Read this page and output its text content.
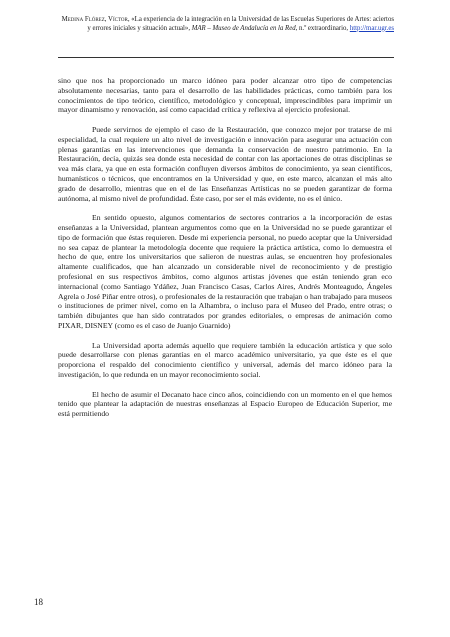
Medina Flórez, Víctor, «La experiencia de la integración en la Universidad de las Escuelas Superiores de Artes: aciertos y errores iniciales y situación actual», MAR – Museo de Andalucía en la Red, n.º extraordinario, http://mar.ugr.es

sino que nos ha proporcionado un marco idóneo para poder alcanzar otro tipo de competencias absolutamente necesarias, tanto para el desarrollo de las habilidades prácticas, como también para los conocimientos de tipo teórico, científico, metodológico y conceptual, imprescindibles para imprimir un mayor dinamismo y renovación, así como capacidad crítica y reflexiva al ejercicio profesional.

Puede servirnos de ejemplo el caso de la Restauración, que conozco mejor por tratarse de mi especialidad, la cual requiere un alto nivel de investigación e innovación para asegurar una actuación con plenas garantías en las intervenciones que demanda la conservación de nuestro patrimonio. En la Restauración, decía, quizás sea donde esta necesidad de contar con las aportaciones de otras disciplinas se vea más clara, ya que en esta formación confluyen diversos ámbitos de conocimiento, ya sean científicos, humanísticos o técnicos, que encontramos en la Universidad y que, en este marco, alcanzan el más alto grado de desarrollo, mientras que en el de las Enseñanzas Artísticas no se pueden garantizar de forma autónoma, al mismo nivel de profundidad. Éste caso, por ser el más evidente, no es el único.

En sentido opuesto, algunos comentarios de sectores contrarios a la incorporación de estas enseñanzas a la Universidad, plantean argumentos como que en la Universidad no se puede garantizar el tipo de formación que éstas requieren. Desde mi experiencia personal, no puedo aceptar que la Universidad no sea capaz de plantear la metodología docente que requiere la práctica artística, como lo demuestra el hecho de que, entre los universitarios que salieron de nuestras aulas, se encuentren hoy profesionales altamente cualificados, que han alcanzado un considerable nivel de reconocimiento y de prestigio profesional en sus respectivos ámbitos, como algunos artistas jóvenes que están teniendo gran eco internacional (como Santiago Ydáñez, Juan Francisco Casas, Carlos Aires, Andrés Monteagudo, Ángeles Agrela o José Piñar entre otros), o profesionales de la restauración que trabajan o han trabajado para museos o instituciones de primer nivel, como en la Alhambra, o incluso para el Museo del Prado, entre otras; o también dibujantes que han sido contratados por grandes editoriales, o empresas de animación como PIXAR, DISNEY (como es el caso de Juanjo Guarnido)

La Universidad aporta además aquello que requiere también la educación artística y que solo puede desarrollarse con plenas garantías en el marco académico universitario, ya que éste es el que proporciona el respaldo del conocimiento científico y universal, además del marco idóneo para la investigación, lo que redunda en un mayor reconocimiento social.

El hecho de asumir el Decanato hace cinco años, coincidiendo con un momento en el que hemos tenido que plantear la adaptación de nuestras enseñanzas al Espacio Europeo de Educación Superior, me está permitiendo

18
